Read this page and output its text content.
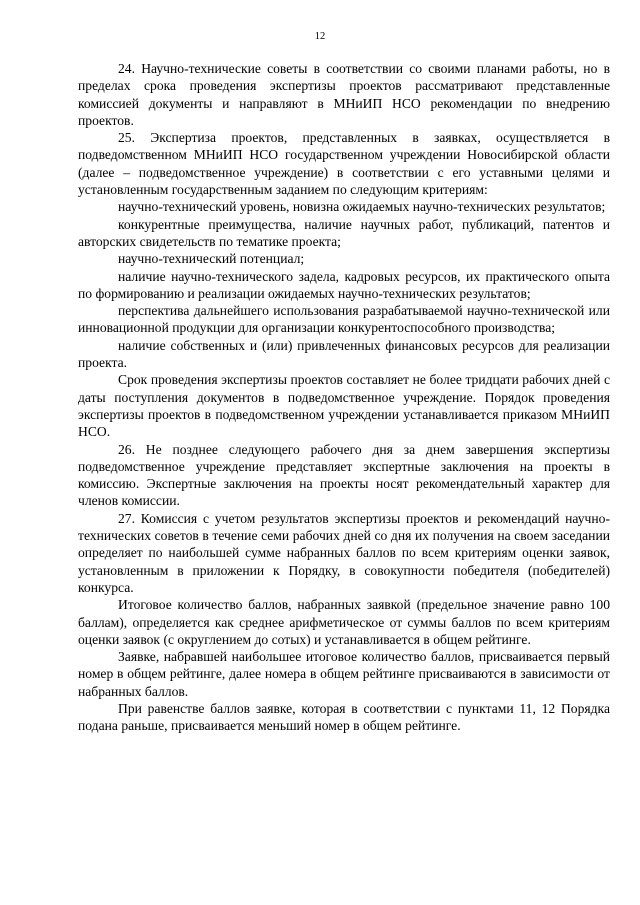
12

24. Научно-технические советы в соответствии со своими планами работы, но в пределах срока проведения экспертизы проектов рассматривают представленные комиссией документы и направляют в МНиИП НСО рекомендации по внедрению проектов.

25. Экспертиза проектов, представленных в заявках, осуществляется в подведомственном МНиИП НСО государственном учреждении Новосибирской области (далее – подведомственное учреждение) в соответствии с его уставными целями и установленным государственным заданием по следующим критериям:

научно-технический уровень, новизна ожидаемых научно-технических результатов;

конкурентные преимущества, наличие научных работ, публикаций, патентов и авторских свидетельств по тематике проекта;

научно-технический потенциал;

наличие научно-технического задела, кадровых ресурсов, их практического опыта по формированию и реализации ожидаемых научно-технических результатов;

перспектива дальнейшего использования разрабатываемой научно-технической или инновационной продукции для организации конкурентоспособного производства;

наличие собственных и (или) привлеченных финансовых ресурсов для реализации проекта.

Срок проведения экспертизы проектов составляет не более тридцати рабочих дней с даты поступления документов в подведомственное учреждение. Порядок проведения экспертизы проектов в подведомственном учреждении устанавливается приказом МНиИП НСО.

26. Не позднее следующего рабочего дня за днем завершения экспертизы подведомственное учреждение представляет экспертные заключения на проекты в комиссию. Экспертные заключения на проекты носят рекомендательный характер для членов комиссии.

27. Комиссия с учетом результатов экспертизы проектов и рекомендаций научно-технических советов в течение семи рабочих дней со дня их получения на своем заседании определяет по наибольшей сумме набранных баллов по всем критериям оценки заявок, установленным в приложении к Порядку, в совокупности победителя (победителей) конкурса.

Итоговое количество баллов, набранных заявкой (предельное значение равно 100 баллам), определяется как среднее арифметическое от суммы баллов по всем критериям оценки заявок (с округлением до сотых) и устанавливается в общем рейтинге.

Заявке, набравшей наибольшее итоговое количество баллов, присваивается первый номер в общем рейтинге, далее номера в общем рейтинге присваиваются в зависимости от набранных баллов.

При равенстве баллов заявке, которая в соответствии с пунктами 11, 12 Порядка подана раньше, присваивается меньший номер в общем рейтинге.
